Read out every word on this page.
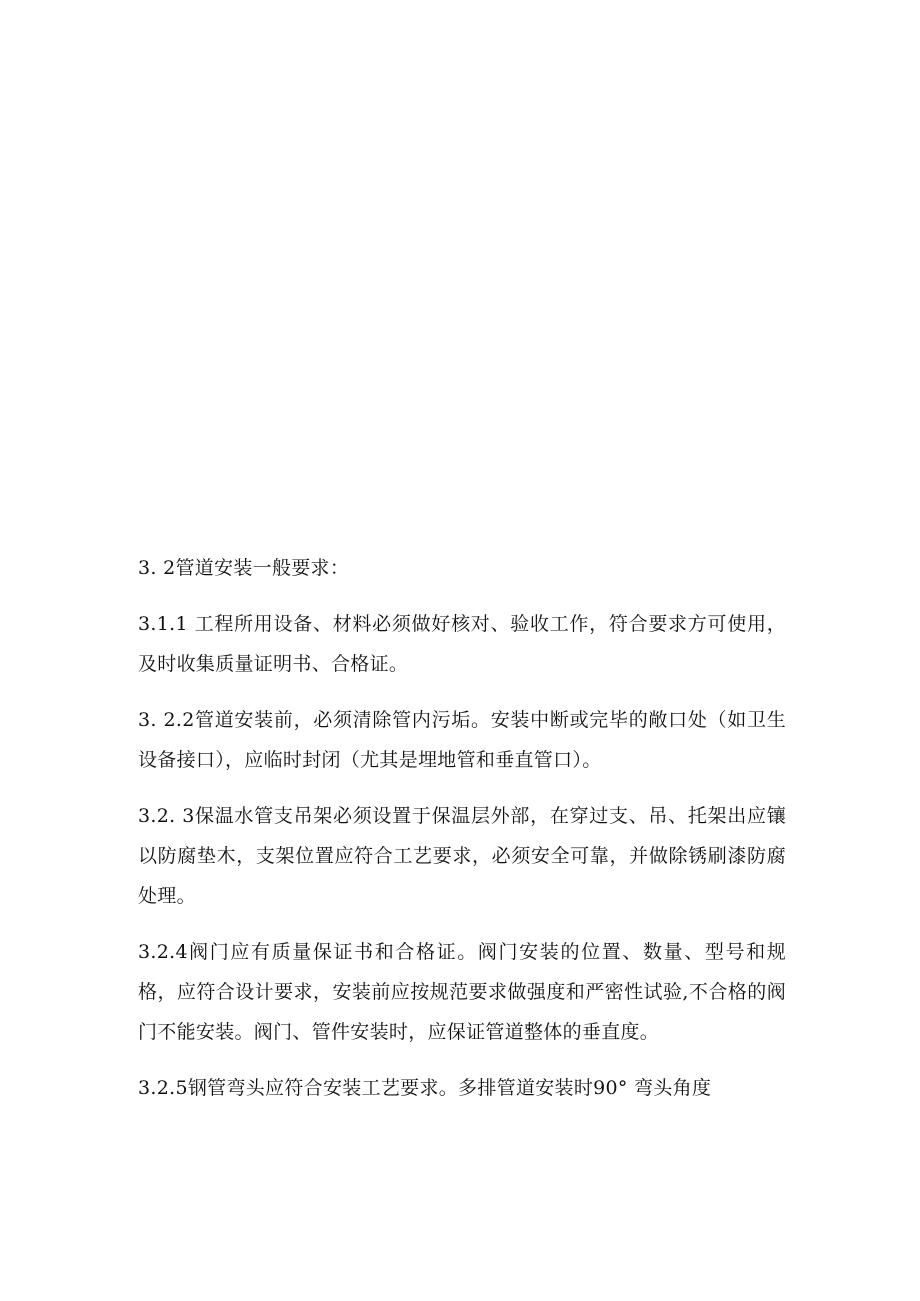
3. 2管道安装一般要求：

3.1.1 工程所用设备、材料必须做好核对、验收工作，符合要求方可使用，及时收集质量证明书、合格证。

3. 2.2管道安装前，必须清除管内污垢。安装中断或完毕的敞口处（如卫生设备接口），应临时封闭（尤其是埋地管和垂直管口）。

3.2. 3保温水管支吊架必须设置于保温层外部，在穿过支、吊、托架出应镶以防腐垫木，支架位置应符合工艺要求，必须安全可靠，并做除锈刷漆防腐处理。

3.2.4阀门应有质量保证书和合格证。阀门安装的位置、数量、型号和规格，应符合设计要求，安装前应按规范要求做强度和严密性试验,不合格的阀门不能安装。阀门、管件安装时，应保证管道整体的垂直度。

3.2.5钢管弯头应符合安装工艺要求。多排管道安装时90° 弯头角度
